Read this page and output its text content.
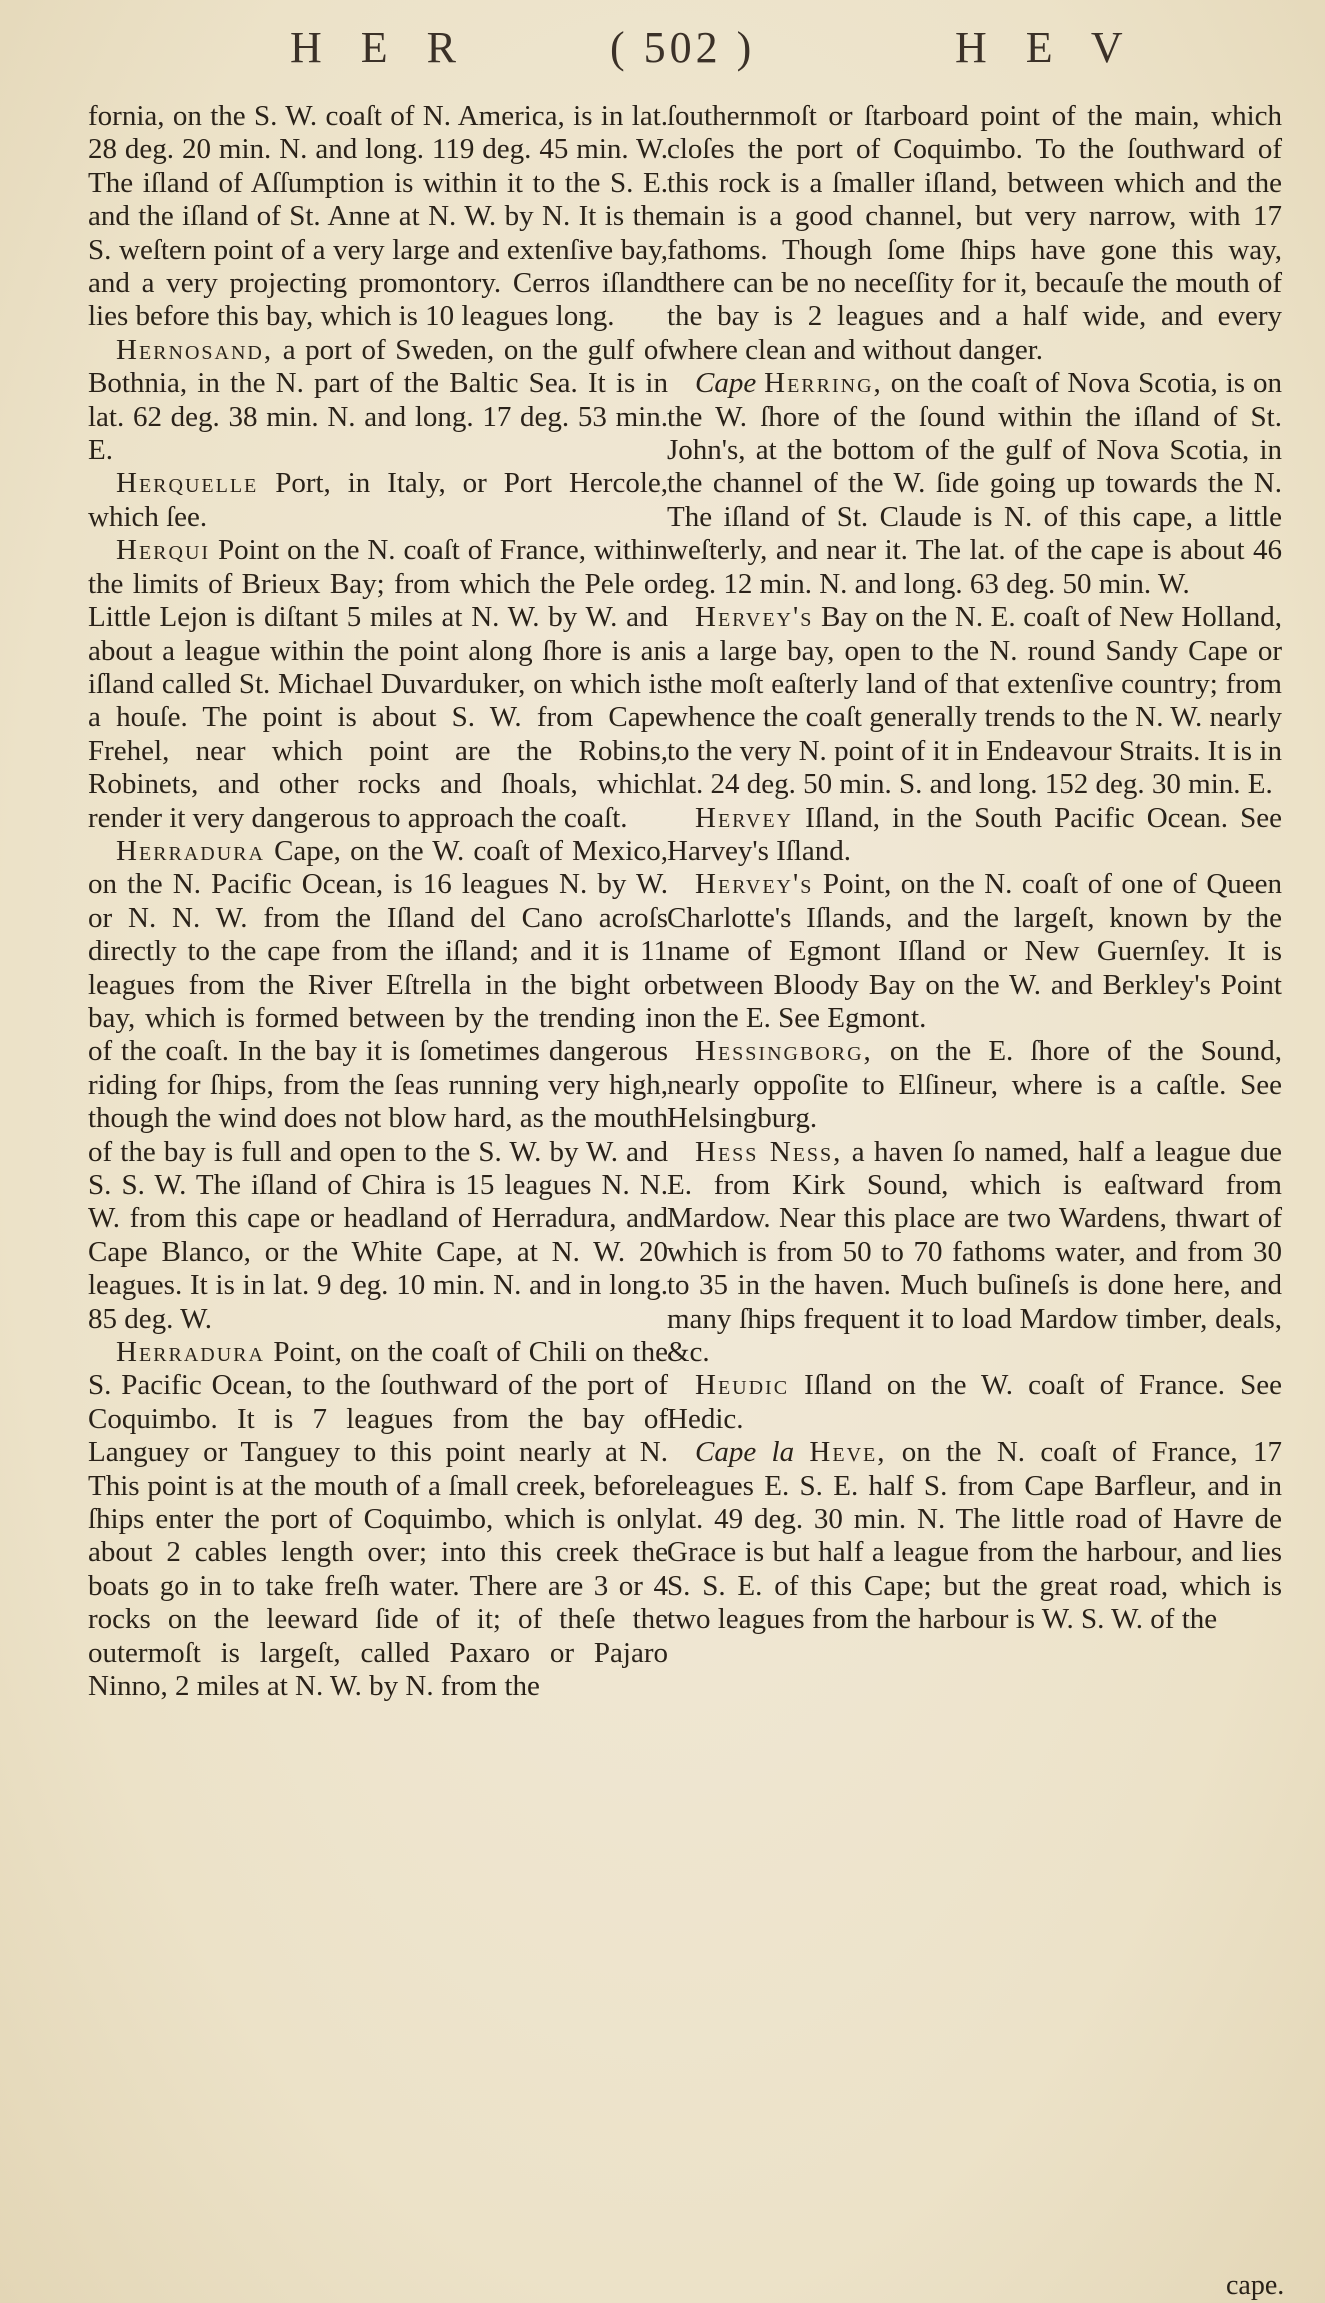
H E R	( 502 )	H E V

fornia, on the S. W. coaſt of N. America, is in lat. 28 deg. 20 min. N. and long. 119 deg. 45 min. W. The iſland of Aſſumption is within it to the S. E. and the iſland of St. Anne at N. W. by N. It is the S. weſtern point of a very large and extenſive bay, and a very projecting promontory. Cerros iſland lies before this bay, which is 10 leagues long.

Hernosand, a port of Sweden, on the gulf of Bothnia, in the N. part of the Baltic Sea. It is in lat. 62 deg. 38 min. N. and long. 17 deg. 53 min. E.

Herquelle Port, in Italy, or Port Hercole, which ſee.

Herqui Point on the N. coaſt of France, within the limits of Brieux Bay; from which the Pele or Little Lejon is diſtant 5 miles at N. W. by W. and about a league within the point along ſhore is an iſland called St. Michael Duvarduker, on which is a houſe. The point is about S. W. from Cape Frehel, near which point are the Robins, Robinets, and other rocks and ſhoals, which render it very dangerous to approach the coaſt.

Herradura Cape, on the W. coaſt of Mexico, on the N. Pacific Ocean, is 16 leagues N. by W. or N. N. W. from the Iſland del Cano acroſs directly to the cape from the iſland; and it is 11 leagues from the River Eſtrella in the bight or bay, which is formed between by the trending in of the coaſt. In the bay it is ſometimes dangerous riding for ſhips, from the ſeas running very high, though the wind does not blow hard, as the mouth of the bay is full and open to the S. W. by W. and S. S. W. The iſland of Chira is 15 leagues N. N. W. from this cape or headland of Herradura, and Cape Blanco, or the White Cape, at N. W. 20 leagues. It is in lat. 9 deg. 10 min. N. and in long. 85 deg. W.

Herradura Point, on the coaſt of Chili on the S. Pacific Ocean, to the ſouthward of the port of Coquimbo. It is 7 leagues from the bay of Languey or Tanguey to this point nearly at N. This point is at the mouth of a ſmall creek, before ſhips enter the port of Coquimbo, which is only about 2 cables length over; into this creek the boats go in to take freſh water. There are 3 or 4 rocks on the leeward ſide of it; of theſe the outermoſt is largeſt, called Paxaro or Pajaro Ninno, 2 miles at N. W. by N. from the

ſouthernmoſt or ſtarboard point of the main, which cloſes the port of Coquimbo. To the ſouthward of this rock is a ſmaller iſland, between which and the main is a good channel, but very narrow, with 17 fathoms. Though ſome ſhips have gone this way, there can be no neceſſity for it, becauſe the mouth of the bay is 2 leagues and a half wide, and every where clean and without danger.

Cape Herring, on the coaſt of Nova Scotia, is on the W. ſhore of the ſound within the iſland of St. John's, at the bottom of the gulf of Nova Scotia, in the channel of the W. ſide going up towards the N. The iſland of St. Claude is N. of this cape, a little weſterly, and near it. The lat. of the cape is about 46 deg. 12 min. N. and long. 63 deg. 50 min. W.

Hervey's Bay on the N. E. coaſt of New Holland, is a large bay, open to the N. round Sandy Cape or the moſt eaſterly land of that extenſive country; from whence the coaſt generally trends to the N. W. nearly to the very N. point of it in Endeavour Straits. It is in lat. 24 deg. 50 min. S. and long. 152 deg. 30 min. E.

Hervey Iſland, in the South Pacific Ocean. See Harvey's Iſland.

Hervey's Point, on the N. coaſt of one of Queen Charlotte's Iſlands, and the largeſt, known by the name of Egmont Iſland or New Guernſey. It is between Bloody Bay on the W. and Berkley's Point on the E. See Egmont.

Hessingborg, on the E. ſhore of the Sound, nearly oppoſite to Elſineur, where is a caſtle. See Helsingburg.

Hess Ness, a haven ſo named, half a league due E. from Kirk Sound, which is eaſtward from Mardow. Near this place are two Wardens, thwart of which is from 50 to 70 fathoms water, and from 30 to 35 in the haven. Much buſineſs is done here, and many ſhips frequent it to load Mardow timber, deals, &c.

Heudic Iſland on the W. coaſt of France. See Hedic.

Cape la Heve, on the N. coaſt of France, 17 leagues E. S. E. half S. from Cape Barfleur, and in lat. 49 deg. 30 min. N. The little road of Havre de Grace is but half a league from the harbour, and lies S. S. E. of this Cape; but the great road, which is two leagues from the harbour is W. S. W. of the

cape.
